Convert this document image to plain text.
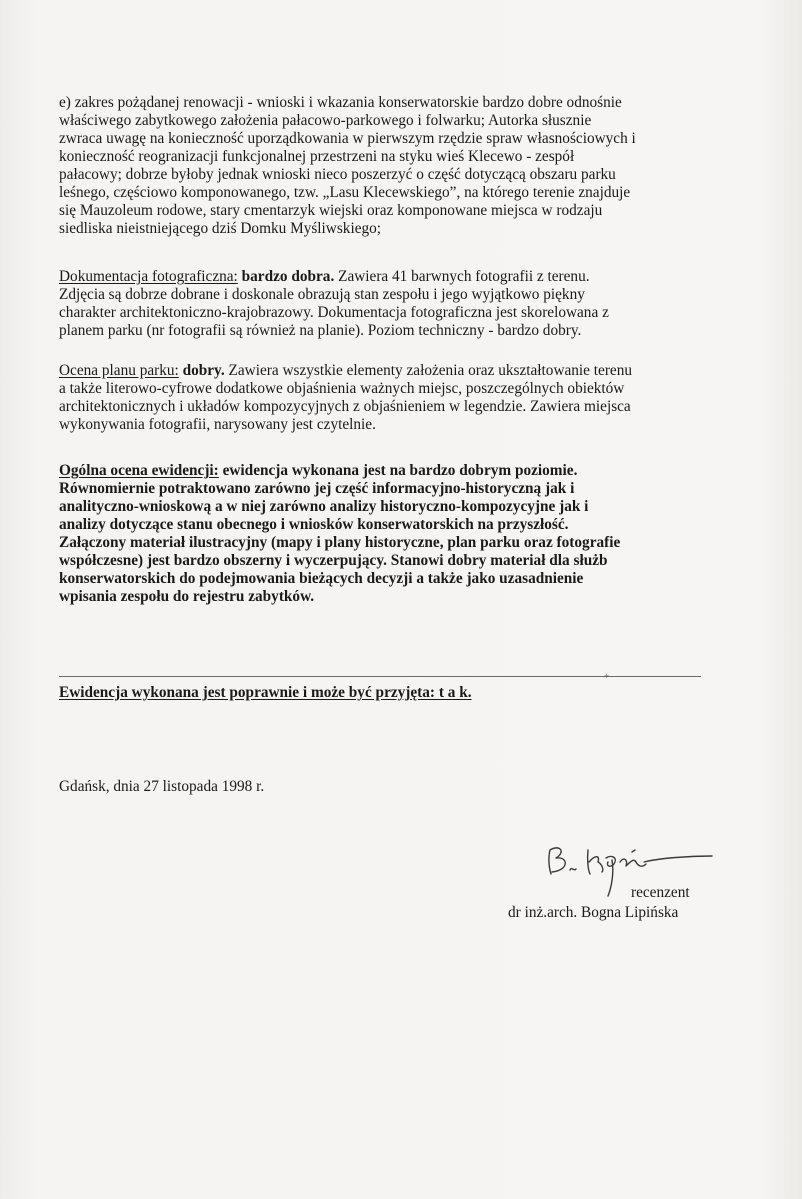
e) zakres pożądanej renowacji - wnioski i wkazania konserwatorskie bardzo dobre odnośnie
właściwego zabytkowego założenia pałacowo-parkowego i folwarku; Autorka słusznie
zwraca uwagę na konieczność uporządkowania w pierwszym rzędzie spraw własnościowych i
konieczność reogranizacji funkcjonalnej przestrzeni na styku wieś Klecewo - zespół
pałacowy; dobrze byłoby jednak wnioski nieco poszerzyć o część dotyczącą obszaru parku
leśnego, częściowo komponowanego, tzw. „Lasu Klecewskiego”, na którego terenie znajduje
się Mauzoleum rodowe, stary cmentarzyk wiejski oraz komponowane miejsca w rodzaju
siedliska nieistniejącego dziś Domku Myśliwskiego;

Dokumentacja fotograficzna: bardzo dobra. Zawiera 41 barwnych fotografii z terenu.
Zdjęcia są dobrze dobrane i doskonale obrazują stan zespołu i jego wyjątkowo piękny
charakter architektoniczno-krajobrazowy. Dokumentacja fotograficzna jest skorelowana z
planem parku (nr fotografii są również na planie). Poziom techniczny - bardzo dobry.

Ocena planu parku: dobry. Zawiera wszystkie elementy założenia oraz ukształtowanie terenu
a także literowo-cyfrowe dodatkowe objaśnienia ważnych miejsc, poszczególnych obiektów
architektonicznych i układów kompozycyjnych z objaśnieniem w legendzie. Zawiera miejsca
wykonywania fotografii, narysowany jest czytelnie.

Ogólna ocena ewidencji: ewidencja wykonana jest na bardzo dobrym poziomie.
Równomiernie potraktowano zarówno jej część informacyjno-historyczną jak i
analityczno-wnioskową a w niej zarówno analizy historyczno-kompozycyjne jak i
analizy dotyczące stanu obecnego i wniosków konserwatorskich na przyszłość.
Załączony materiał ilustracyjny (mapy i plany historyczne, plan parku oraz fotografie
współczesne) jest bardzo obszerny i wyczerpujący. Stanowi dobry materiał dla służb
konserwatorskich do podejmowania bieżących decyzji a także jako uzasadnienie
wpisania zespołu do rejestru zabytków.

+

Ewidencja wykonana jest poprawnie i może być przyjęta: t a k.

Gdańsk, dnia 27 listopada 1998 r.

recenzent

dr inż.arch. Bogna Lipińska
